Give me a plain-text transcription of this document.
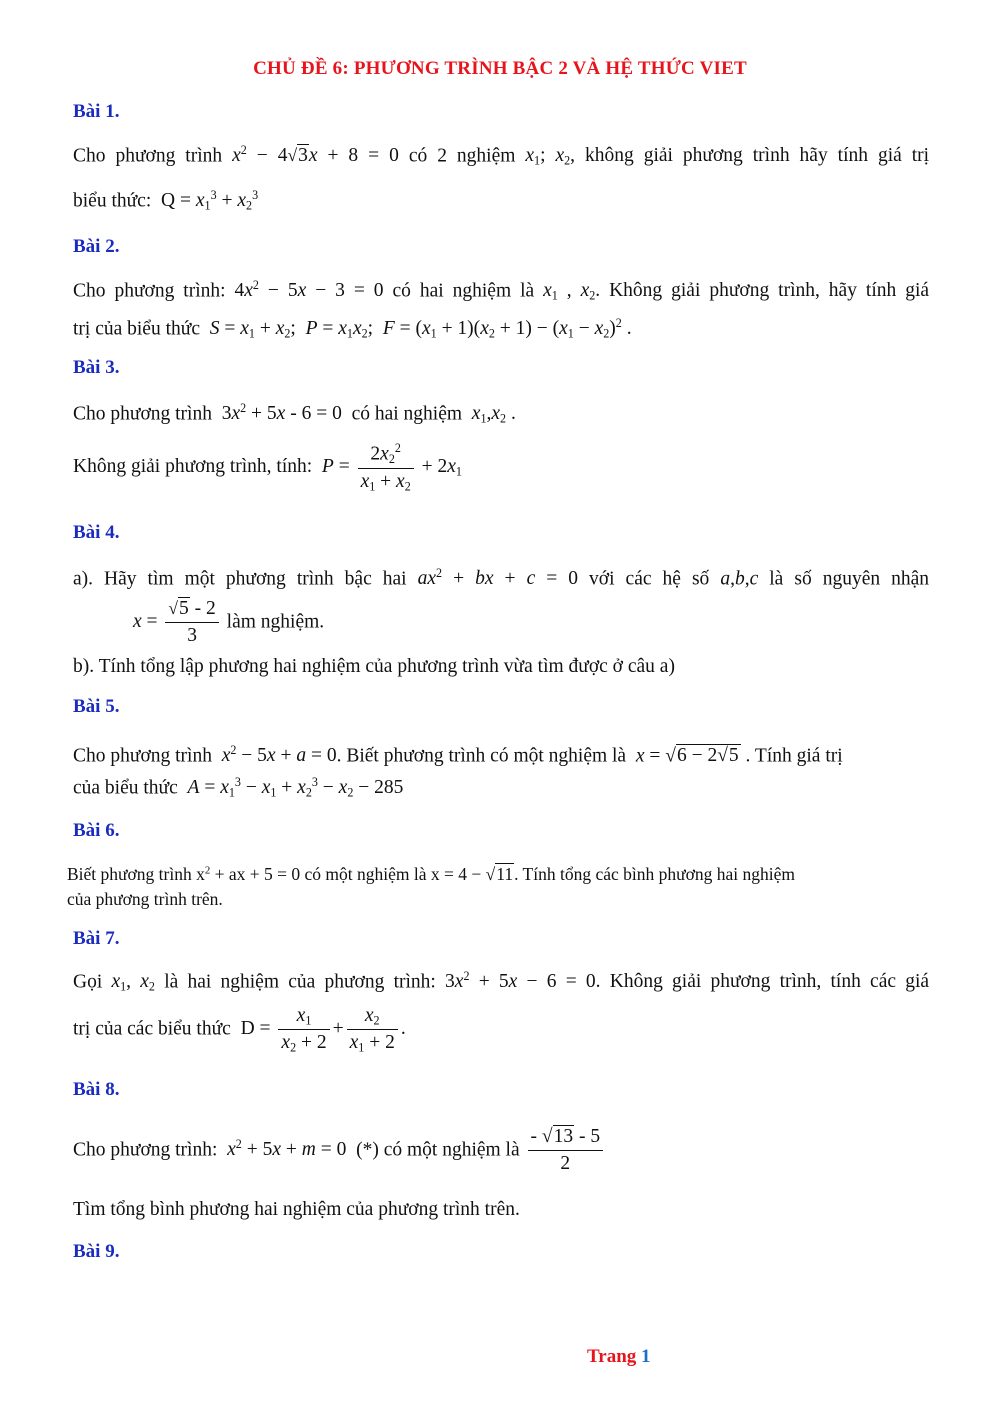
CHỦ ĐỀ 6: PHƯƠNG TRÌNH BẬC 2 VÀ HỆ THỨC VIET
Bài 1.
Cho phương trình $x^2 - 4√3x + 8 = 0$ có 2 nghiệm $x_1$; $x_2$, không giải phương trình hãy tính giá trị
biểu thức:  $Q = x_1^3 + x_2^3$
Bài 2.
Cho phương trình: $4x^2 - 5x - 3 = 0$ có hai nghiệm là $x_1$ , $x_2$. Không giải phương trình, hãy tính giá
trị của biểu thức $S = x_1 + x_2$;  $P = x_1x_2$;  $F = (x_1 + 1)(x_2 + 1) - (x_1 - x_2)^2$ .
Bài 3.
Cho phương trình  $3x^2 + 5x - 6 = 0$  có hai nghiệm $x_1,x_2$ .
Không giải phương trình, tính: $P = \frac{2x_2^2}{x_1 + x_2} + 2x_1$
Bài 4.
a). Hãy tìm một phương trình bậc hai $ax^2$ + bx + c = 0 với các hệ số a,b,c là số nguyên nhận
$x = \frac{√5 - 2}{3}$ làm nghiệm.
b). Tính tổng lập phương hai nghiệm của phương trình vừa tìm được ở câu a)
Bài 5.
Cho phương trình $x^2 - 5x + a = 0$. Biết phương trình có một nghiệm là x = √6 − 2√5 . Tính giá trị
của biểu thức $A = x_1^3 - x_1 + x_2^3 - x_2 - 285$
Bài 6.
Biết phương trình $x^2$ + ax + 5 = 0 có một nghiệm là x = 4 − √11. Tính tổng các bình phương hai nghiệm
của phương trình trên.
Bài 7.
Gọi $x_1$, $x_2$ là hai nghiệm của phương trình: $3x^2 + 5x - 6 = 0$. Không giải phương trình, tính các giá
trị của các biểu thức  $D = \frac{x_1}{x_2 + 2} + \frac{x_2}{x_1 + 2}$ .
Bài 8.
Cho phương trình: $x^2 + 5x + m = 0$  (*) có một nghiệm là $\frac{- √13 - 5}{2}$
Tìm tổng bình phương hai nghiệm của phương trình trên.
Bài 9.
Trang 1
